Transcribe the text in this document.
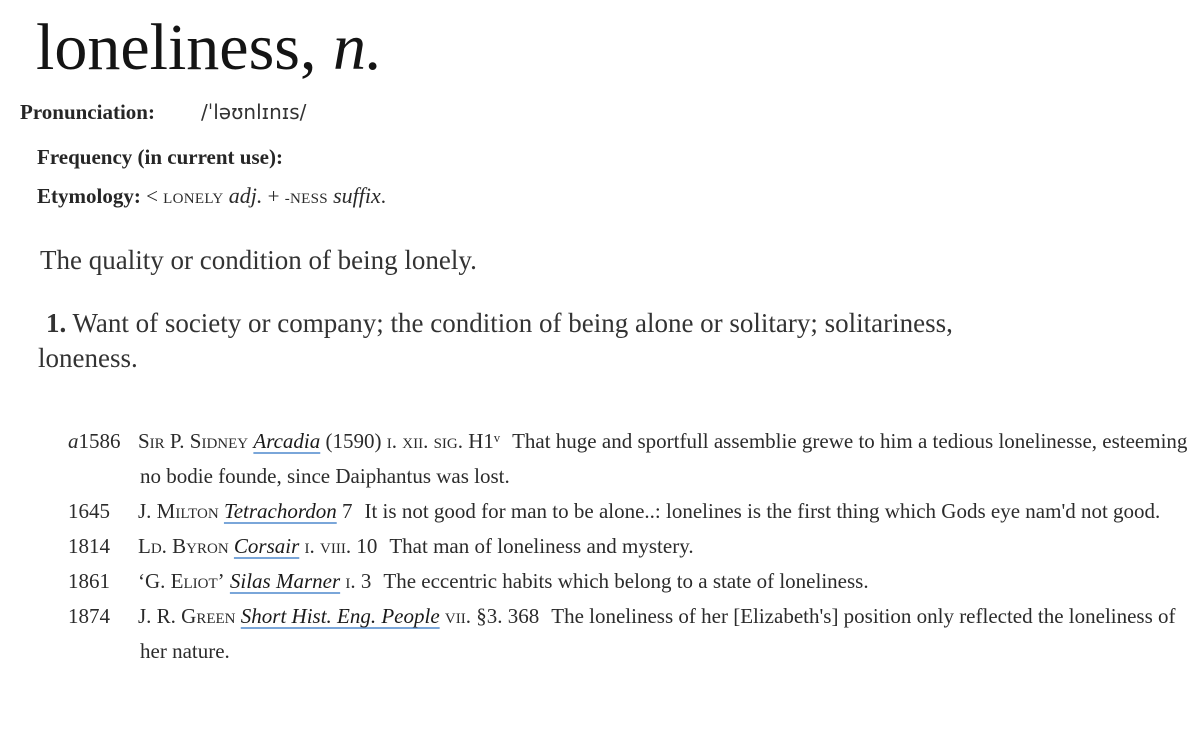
loneliness, n.
Pronunciation: /ˈləʊnlɪnɪs/
Frequency (in current use):
Etymology: < LONELY adj. + -NESS suffix.
The quality or condition of being lonely.
1. Want of society or company; the condition of being alone or solitary; solitariness, loneness.
a1586 Sir P. Sidney Arcadia (1590) i. xii. sig. H1ᵛ That huge and sportfull assemblie grewe to him a tedious lonelinesse, esteeming no bodie founde, since Daiphantus was lost.
1645 J. Milton Tetrachordon 7 It is not good for man to be alone..: lonelines is the first thing which Gods eye nam'd not good.
1814 Ld. Byron Corsair i. viii. 10 That man of loneliness and mystery.
1861 ‘G. Eliot’ Silas Marner i. 3 The eccentric habits which belong to a state of loneliness.
1874 J. R. Green Short Hist. Eng. People vii. §3. 368 The loneliness of her [Elizabeth's] position only reflected the loneliness of her nature.
